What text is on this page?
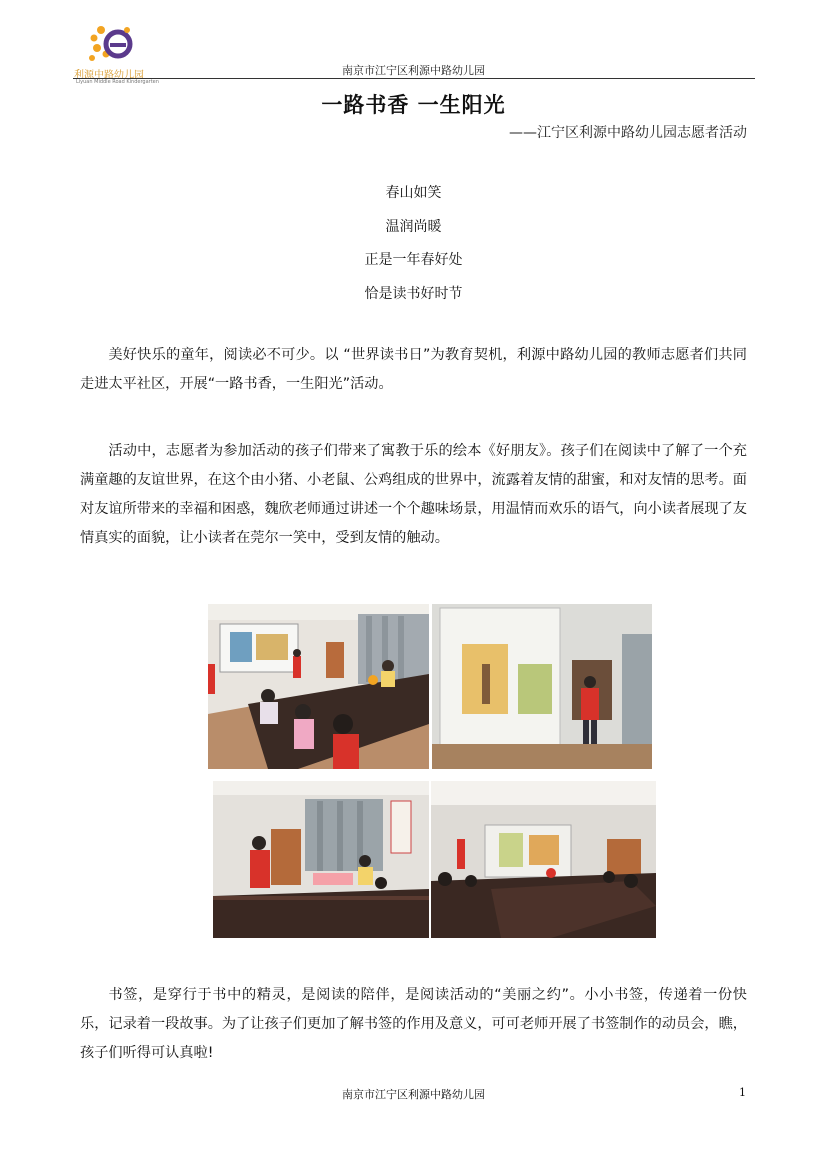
利源中路幼儿园
Liyuan Middle Road Kindergarten
南京市江宁区利源中路幼儿园
一路书香 一生阳光
——江宁区利源中路幼儿园志愿者活动
春山如笑
温润尚暖
正是一年春好处
恰是读书好时节
美好快乐的童年，阅读必不可少。以 “世界读书日”为教育契机，利源中路幼儿园的教师志愿者们共同走进太平社区，开展“一路书香，一生阳光”活动。
活动中，志愿者为参加活动的孩子们带来了寓教于乐的绘本《好朋友》。孩子们在阅读中了解了一个充满童趣的友谊世界，在这个由小猪、小老鼠、公鸡组成的世界中，流露着友情的甜蜜，和对友情的思考。面对友谊所带来的幸福和困惑，魏欣老师通过讲述一个个趣味场景，用温情而欢乐的语气，向小读者展现了友情真实的面貌，让小读者在莞尔一笑中，受到友情的触动。
书签，是穿行于书中的精灵，是阅读的陪伴，是阅读活动的“美丽之约”。小小书签，传递着一份快乐，记录着一段故事。为了让孩子们更加了解书签的作用及意义，可可老师开展了书签制作的动员会，瞧，孩子们听得可认真啦!
南京市江宁区利源中路幼儿园	1
